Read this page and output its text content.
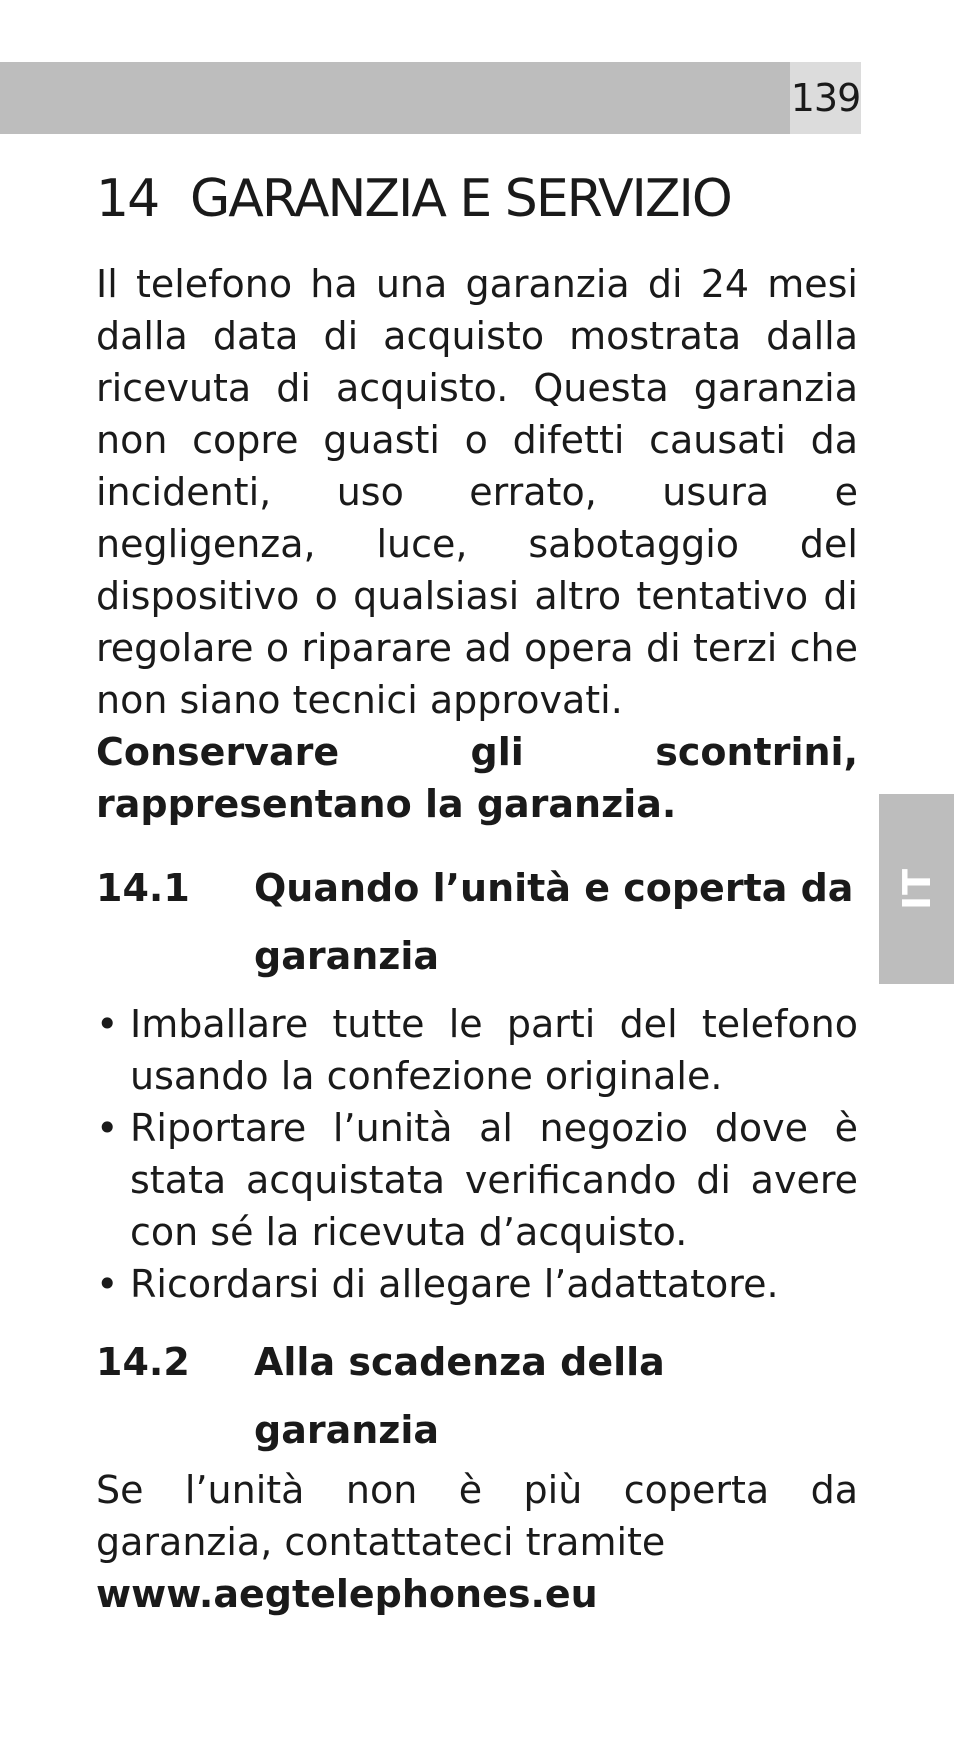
139
IT
14 GARANZIA E SERVIZIO

Il telefono ha una garanzia di 24 mesi dalla data di acquisto mostrata dalla ricevuta di acquisto. Questa garanzia non copre guasti o difetti causati da incidenti, uso errato, usura e negligenza, luce, sabotaggio del dispositivo o qualsiasi altro tentativo di regolare o riparare ad opera di terzi che non siano tecnici approvati.

Conservare gli scontrini, rappresentano la garanzia.

14.1	Quando l’unità e coperta da garanzia
• Imballare tutte le parti del telefono usando la confezione originale.
• Riportare l’unità al negozio dove è stata acquistata verificando di avere con sé la ricevuta d’acquisto.
• Ricordarsi di allegare l’adattatore.
14.2	Alla scadenza della garanzia

Se l’unità non è più coperta da garanzia, contattateci tramite

www.aegtelephones.eu
